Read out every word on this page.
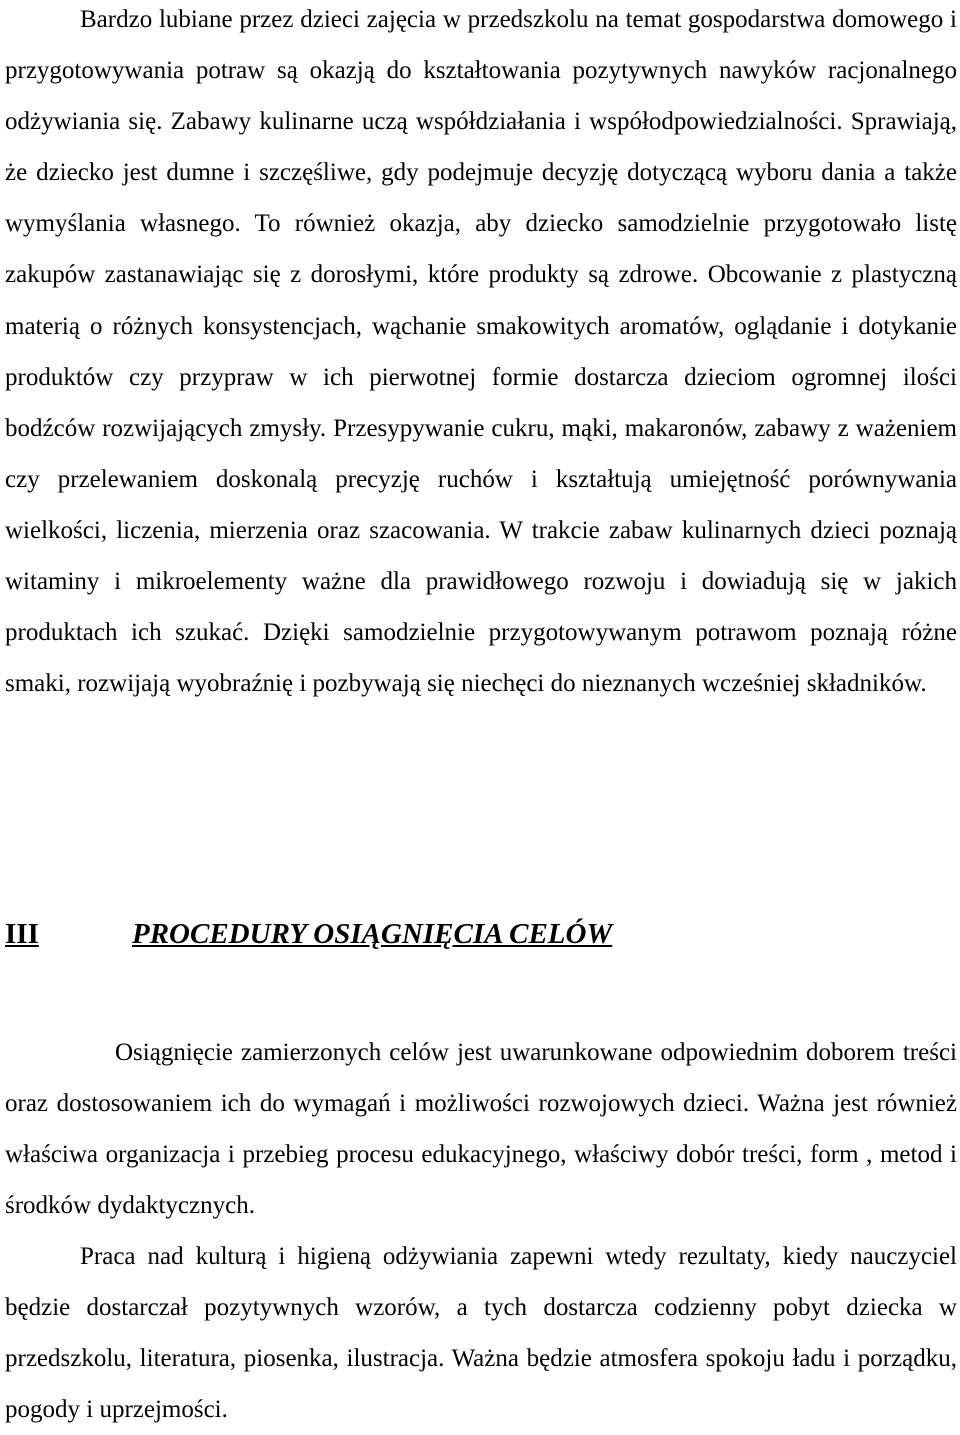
Bardzo lubiane przez dzieci zajęcia w przedszkolu na temat gospodarstwa domowego i przygotowywania potraw są okazją do kształtowania pozytywnych nawyków racjonalnego odżywiania się. Zabawy kulinarne uczą współdziałania i współodpowiedzialności. Sprawiają, że dziecko jest dumne i szczęśliwe, gdy podejmuje decyzję dotyczącą wyboru dania a także wymyślania własnego. To również okazja, aby dziecko samodzielnie przygotowało listę zakupów zastanawiając się z dorosłymi, które produkty są zdrowe. Obcowanie z plastyczną materią o różnych konsystencjach, wąchanie smakowitych aromatów, oglądanie i dotykanie produktów czy przypraw w ich pierwotnej formie dostarcza dzieciom ogromnej ilości bodźców rozwijających zmysły. Przesypywanie cukru, mąki, makaronów, zabawy z ważeniem czy przelewaniem doskonalą precyzję ruchów i kształtują umiejętność porównywania wielkości, liczenia, mierzenia oraz szacowania. W trakcie zabaw kulinarnych dzieci poznają witaminy i mikroelementy ważne dla prawidłowego rozwoju i dowiadują się w jakich produktach ich szukać. Dzięki samodzielnie przygotowywanym potrawom poznają różne smaki, rozwijają wyobraźnię i pozbywają się niechęci do nieznanych wcześniej składników.

III	PROCEDURY OSIĄGNIĘCIA CELÓW

Osiągnięcie zamierzonych celów jest uwarunkowane odpowiednim doborem treści oraz dostosowaniem ich do wymagań i możliwości rozwojowych dzieci. Ważna jest również właściwa organizacja i przebieg procesu edukacyjnego, właściwy dobór treści, form , metod i środków dydaktycznych.

Praca nad kulturą i higieną odżywiania zapewni wtedy rezultaty, kiedy nauczyciel będzie dostarczał pozytywnych wzorów, a tych dostarcza codzienny pobyt dziecka w przedszkolu, literatura, piosenka, ilustracja. Ważna będzie atmosfera spokoju ładu i porządku, pogody i uprzejmości.
